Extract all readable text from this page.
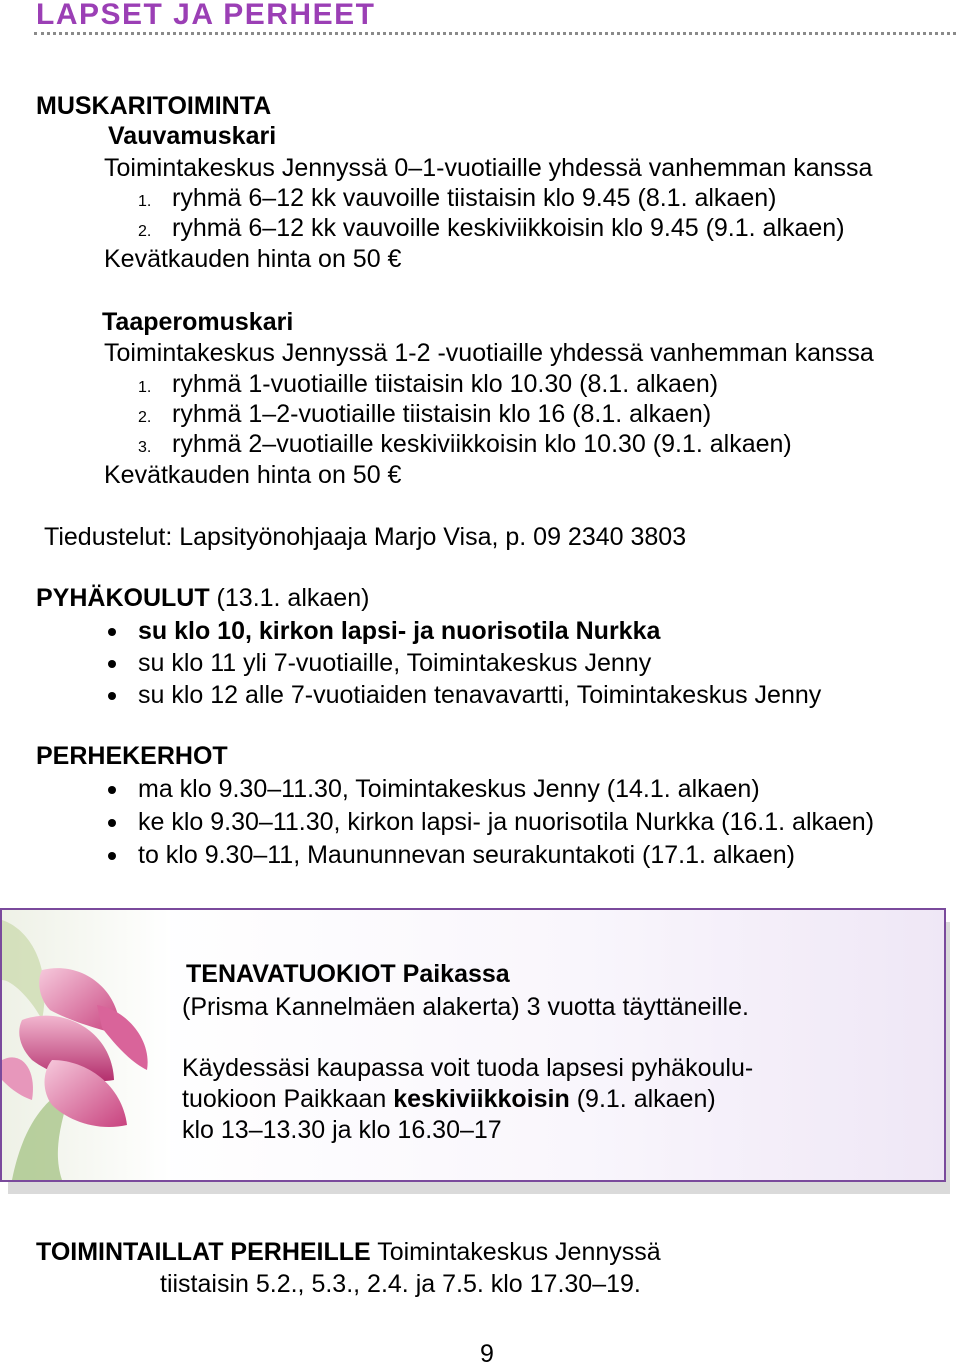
LAPSET JA PERHEET
MUSKARITOIMINTA
Vauvamuskari
Toimintakeskus Jennyssä 0–1-vuotiaille yhdessä vanhemman kanssa
1. ryhmä 6–12 kk vauvoille tiistaisin klo 9.45 (8.1. alkaen)
2. ryhmä 6–12 kk vauvoille keskiviikkoisin klo 9.45 (9.1. alkaen)
Kevätkauden hinta on 50 €
Taaperomuskari
Toimintakeskus Jennyssä 1-2 -vuotiaille yhdessä vanhemman kanssa
1. ryhmä 1-vuotiaille tiistaisin klo 10.30 (8.1. alkaen)
2. ryhmä 1–2-vuotiaille tiistaisin klo 16 (8.1. alkaen)
3. ryhmä 2–vuotiaille keskiviikkoisin klo 10.30 (9.1. alkaen)
Kevätkauden hinta on 50 €
Tiedustelut: Lapsityönohjaaja Marjo Visa, p. 09 2340 3803
PYHÄKOULUT (13.1. alkaen)
su klo 10, kirkon lapsi- ja nuorisotila Nurkka
su klo 11 yli 7-vuotiaille, Toimintakeskus Jenny
su klo 12 alle 7-vuotiaiden tenavavartti, Toimintakeskus Jenny
PERHEKERHOT
ma klo 9.30–11.30, Toimintakeskus Jenny (14.1. alkaen)
ke klo 9.30–11.30, kirkon lapsi- ja nuorisotila Nurkka (16.1. alkaen)
to klo 9.30–11, Maununnevan seurakuntakoti (17.1. alkaen)
TENAVATUOKIOT Paikassa
(Prisma Kannelmäen alakerta) 3 vuotta täyttäneille.
Käydessäsi kaupassa voit tuoda lapsesi pyhäkoulu-
tuokioon Paikkaan keskiviikkoisin (9.1. alkaen)
klo 13–13.30 ja klo 16.30–17
TOIMINTAILLAT PERHEILLE Toimintakeskus Jennyssä
tiistaisin 5.2., 5.3., 2.4. ja 7.5. klo 17.30–19.
9
